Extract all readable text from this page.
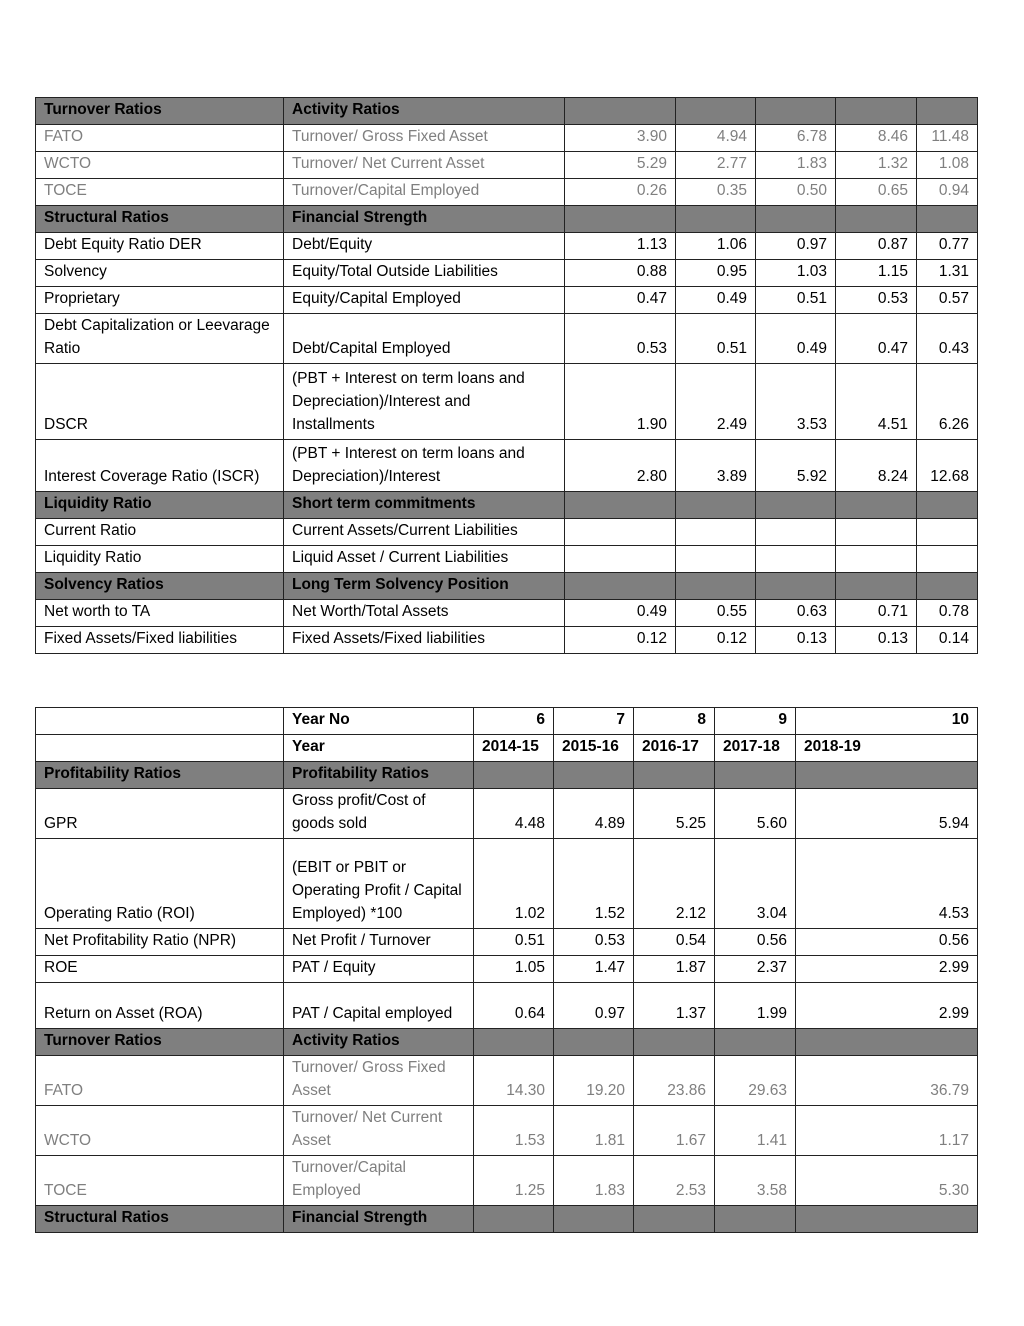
Turnover Ratios	Activity Ratios					
FATO	Turnover/ Gross Fixed Asset	3.90	4.94	6.78	8.46	11.48
WCTO	Turnover/ Net Current Asset	5.29	2.77	1.83	1.32	1.08
TOCE	Turnover/Capital Employed	0.26	0.35	0.50	0.65	0.94
Structural Ratios	Financial Strength					
Debt Equity Ratio DER	Debt/Equity	1.13	1.06	0.97	0.87	0.77
Solvency	Equity/Total Outside Liabilities	0.88	0.95	1.03	1.15	1.31
Proprietary	Equity/Capital Employed	0.47	0.49	0.51	0.53	0.57
Debt Capitalization or Leevarage Ratio	Debt/Capital Employed	0.53	0.51	0.49	0.47	0.43
DSCR	(PBT + Interest on term loans and Depreciation)/Interest and Installments	1.90	2.49	3.53	4.51	6.26
Interest Coverage Ratio (ISCR)	(PBT + Interest on term loans and Depreciation)/Interest	2.80	3.89	5.92	8.24	12.68
Liquidity Ratio	Short term commitments					
Current Ratio	Current Assets/Current Liabilities					
Liquidity Ratio	Liquid Asset / Current Liabilities					
Solvency Ratios	Long Term Solvency Position					
Net worth to TA	Net Worth/Total Assets	0.49	0.55	0.63	0.71	0.78
Fixed Assets/Fixed liabilities	Fixed Assets/Fixed liabilities	0.12	0.12	0.13	0.13	0.14
	Year No	6	7	8	9	10
	Year	2014-15	2015-16	2016-17	2017-18	2018-19
Profitability Ratios	Profitability Ratios					
GPR	Gross profit/Cost of goods sold	4.48	4.89	5.25	5.60	5.94
Operating Ratio (ROI)	(EBIT or PBIT or Operating Profit / Capital Employed) *100	1.02	1.52	2.12	3.04	4.53
Net Profitability Ratio (NPR)	Net Profit / Turnover	0.51	0.53	0.54	0.56	0.56
ROE	PAT / Equity	1.05	1.47	1.87	2.37	2.99
Return on Asset (ROA)	PAT / Capital employed	0.64	0.97	1.37	1.99	2.99
Turnover Ratios	Activity Ratios					
FATO	Turnover/ Gross Fixed Asset	14.30	19.20	23.86	29.63	36.79
WCTO	Turnover/ Net Current Asset	1.53	1.81	1.67	1.41	1.17
TOCE	Turnover/Capital Employed	1.25	1.83	2.53	3.58	5.30
Structural Ratios	Financial Strength					
